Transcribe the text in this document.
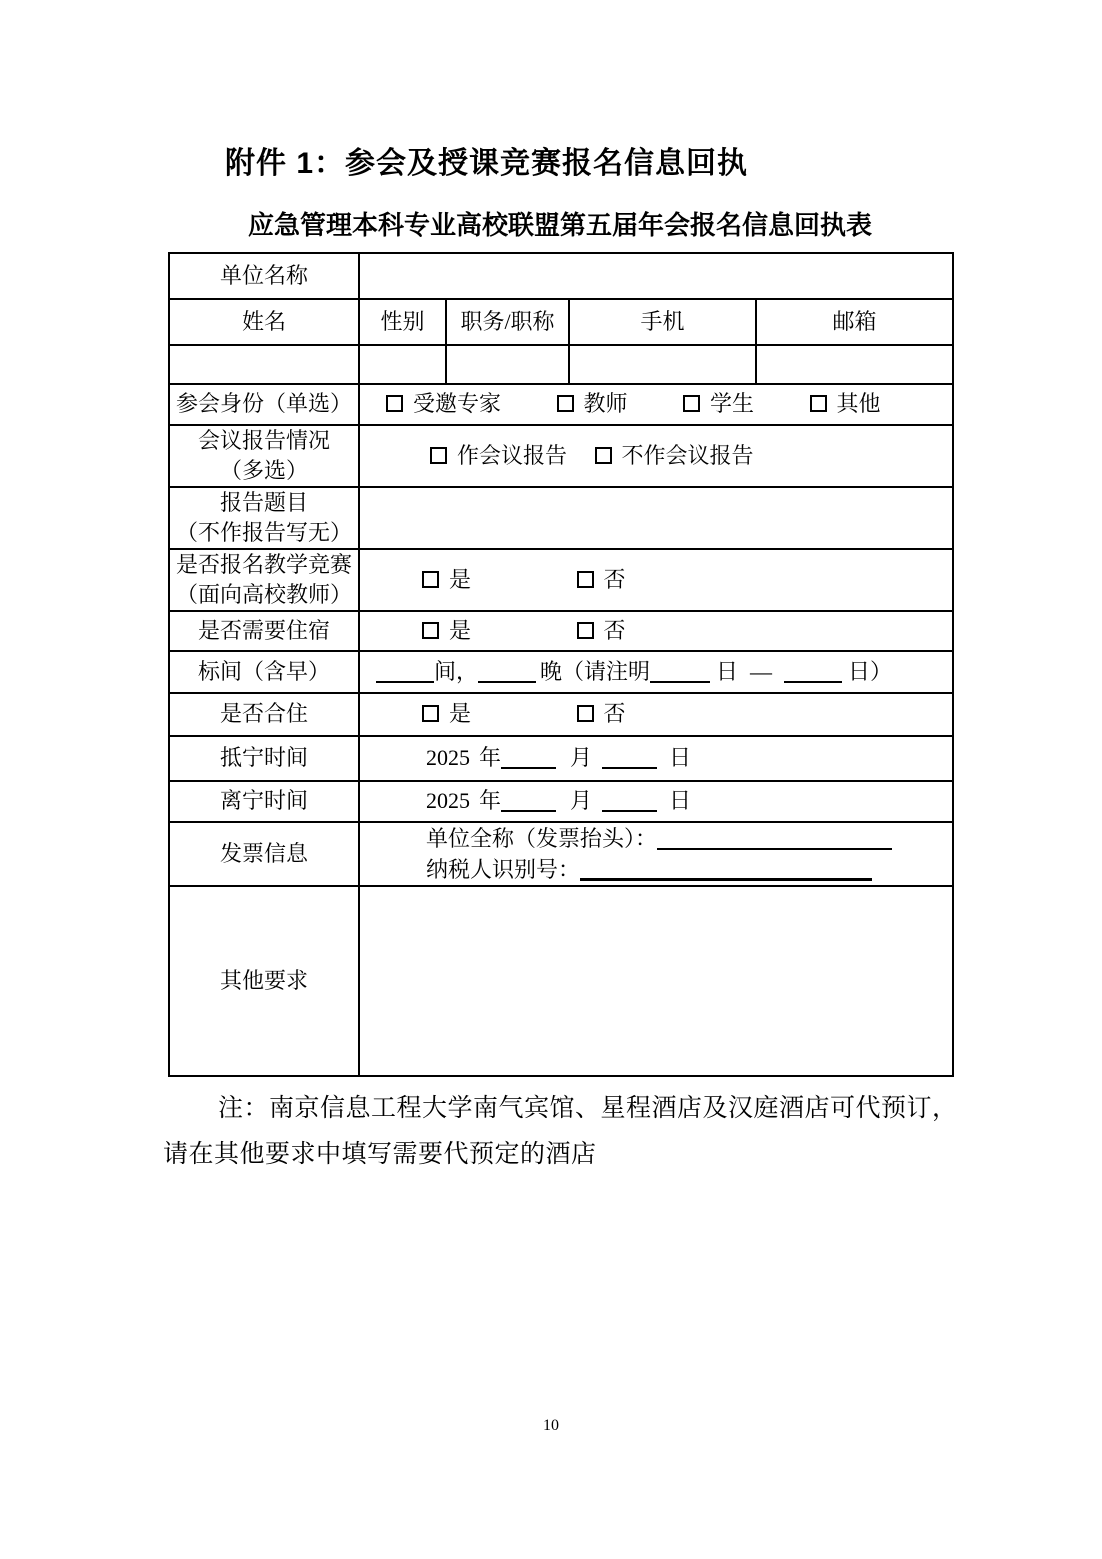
附件 1：参会及授课竞赛报名信息回执
应急管理本科专业高校联盟第五届年会报名信息回执表
单位名称				
姓名	性别	职务/职称	手机	邮箱

参会身份（单选）	受邀专家 教师 学生 其他			

会议报告情况
（多选）	作会议报告 不作会议报告			

报告题目
（不作报告写无）				

是否报名教学竞赛
（面向高校教师）	是 否			
是否需要住宿	是 否			
标间（含早）	间， 晚（请注明 日 — 日）			
是否合住	是 否			
抵宁时间	2025 年 月 日			
离宁时间	2025 年 月 日			
发票信息	单位全称（发票抬头）：
纳税人识别号：			

其他要求				
注：南京信息工程大学南气宾馆、星程酒店及汉庭酒店可代预订，
请在其他要求中填写需要代预定的酒店
10
